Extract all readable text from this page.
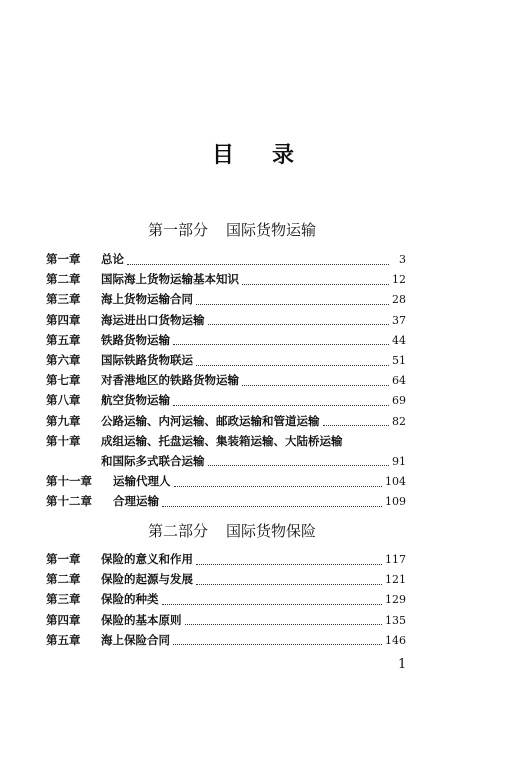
目 录
第一部分 国际货物运输
第一章	总论	3
第二章	国际海上货物运输基本知识	12
第三章	海上货物运输合同	28
第四章	海运进出口货物运输	37
第五章	铁路货物运输	44
第六章	国际铁路货物联运	51
第七章	对香港地区的铁路货物运输	64
第八章	航空货物运输	69
第九章	公路运输、内河运输、邮政运输和管道运输	82
第十章	成组运输、托盘运输、集装箱运输、大陆桥运输
和国际多式联合运输	91
第十一章	运输代理人	104
第十二章	合理运输	109
第二部分 国际货物保险
第一章	保险的意义和作用	117
第二章	保险的起源与发展	121
第三章	保险的种类	129
第四章	保险的基本原则	135
第五章	海上保险合同	146
1
